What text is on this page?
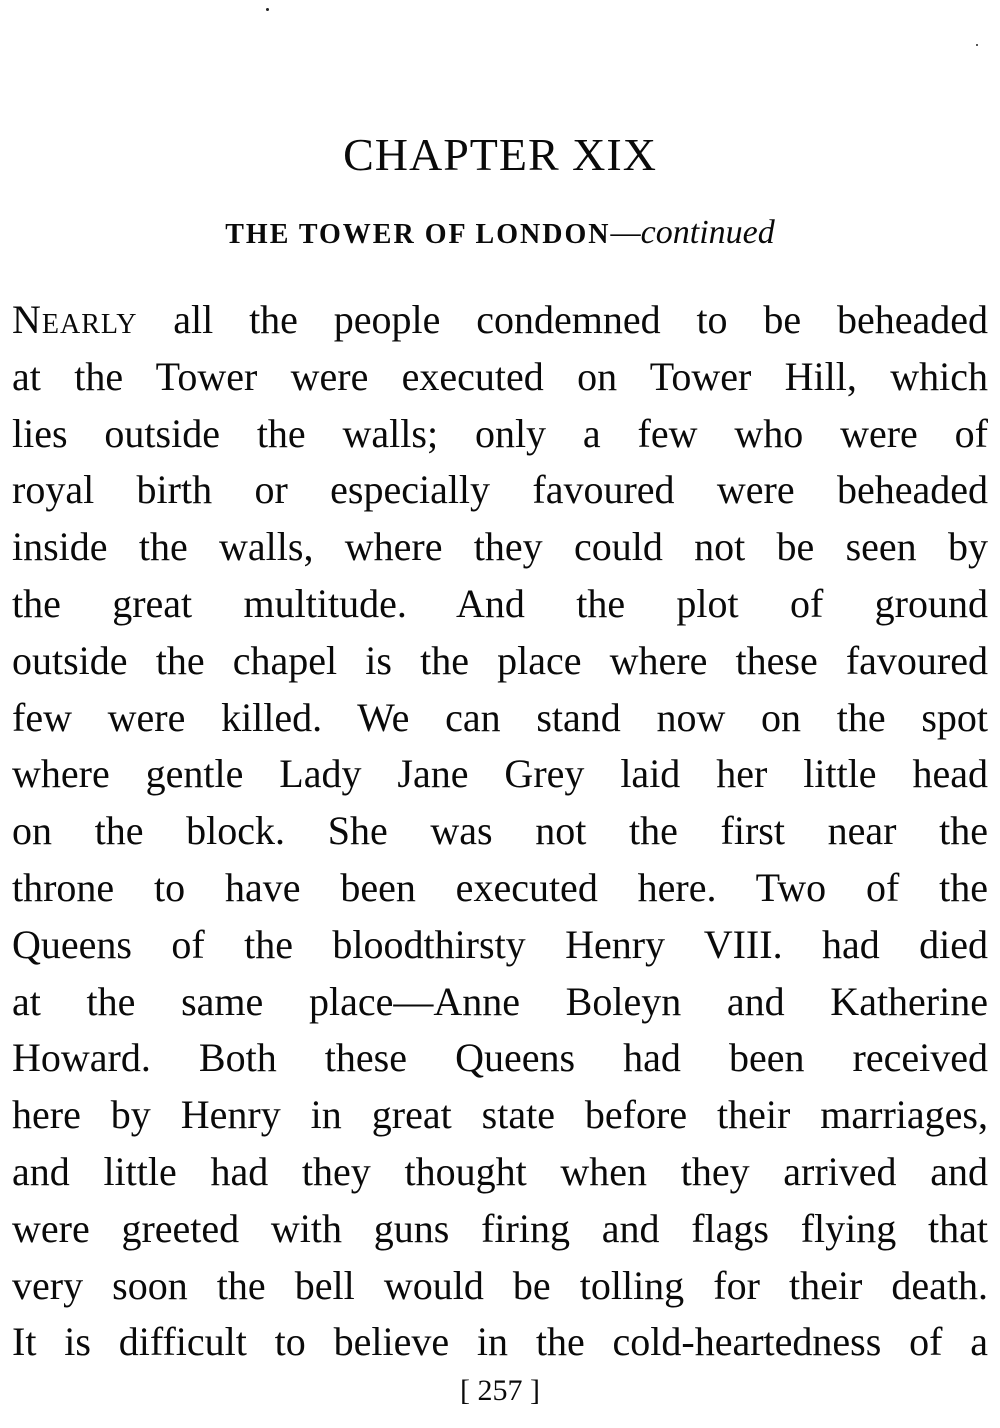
CHAPTER XIX
THE TOWER OF LONDON—continued
Nearly all the people condemned to be beheaded
at the Tower were executed on Tower Hill, which
lies outside the walls; only a few who were of
royal birth or especially favoured were beheaded
inside the walls, where they could not be seen by
the great multitude. And the plot of ground
outside the chapel is the place where these favoured
few were killed. We can stand now on the spot
where gentle Lady Jane Grey laid her little head
on the block. She was not the first near the
throne to have been executed here. Two of the
Queens of the bloodthirsty Henry VIII. had died
at the same place—Anne Boleyn and Katherine
Howard. Both these Queens had been received
here by Henry in great state before their marriages,
and little had they thought when they arrived and
were greeted with guns firing and flags flying that
very soon the bell would be tolling for their death.
It is difficult to believe in the cold-heartedness of a

[ 257 ]
